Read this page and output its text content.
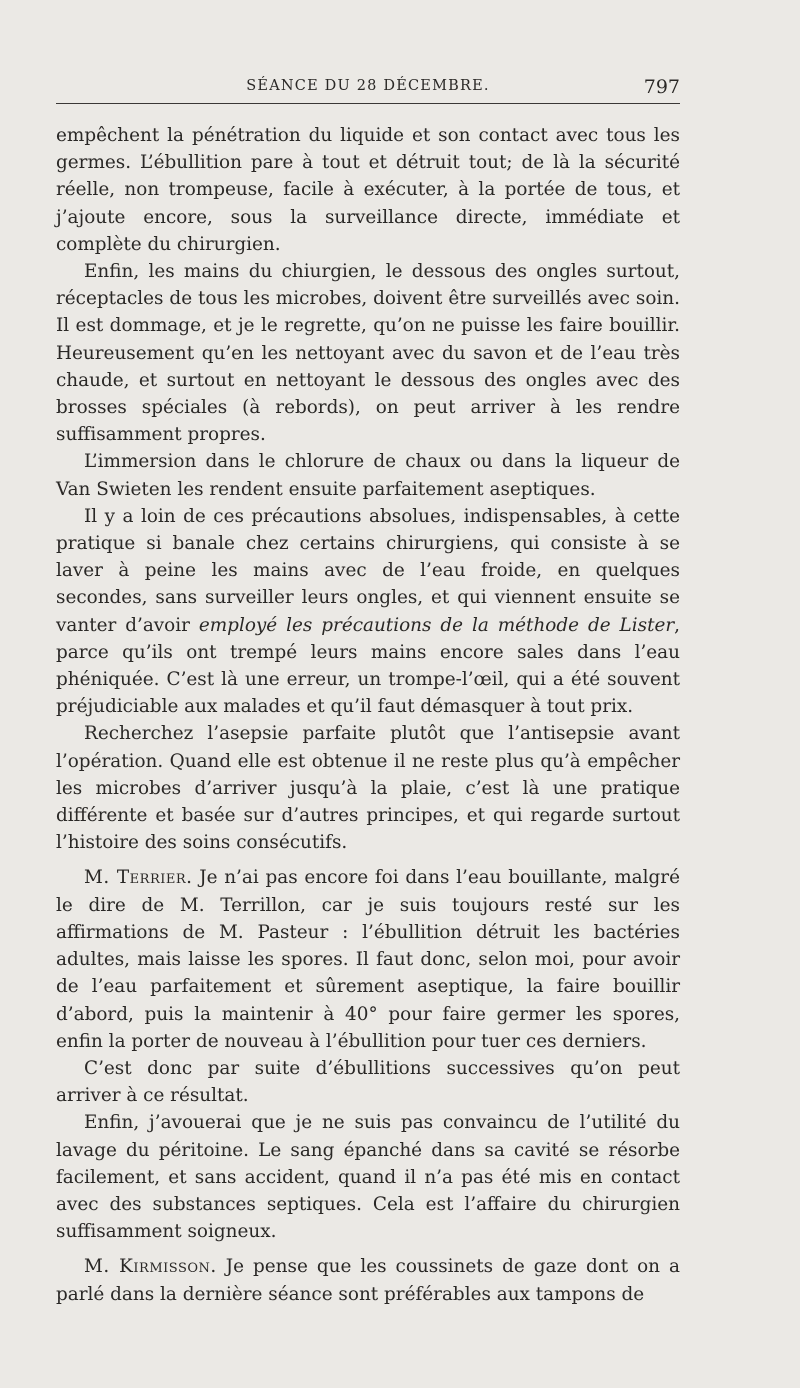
SÉANCE DU 28 DÉCEMBRE.	797

empêchent la pénétration du liquide et son contact avec tous les germes. L’ébullition pare à tout et détruit tout; de là la sécurité réelle, non trompeuse, facile à exécuter, à la portée de tous, et j’ajoute encore, sous la surveillance directe, immédiate et complète du chirurgien.

Enfin, les mains du chiurgien, le dessous des ongles surtout, réceptacles de tous les microbes, doivent être surveillés avec soin. Il est dommage, et je le regrette, qu’on ne puisse les faire bouillir. Heureusement qu’en les nettoyant avec du savon et de l’eau très chaude, et surtout en nettoyant le dessous des ongles avec des brosses spéciales (à rebords), on peut arriver à les rendre suffisamment propres.

L’immersion dans le chlorure de chaux ou dans la liqueur de Van Swieten les rendent ensuite parfaitement aseptiques.

Il y a loin de ces précautions absolues, indispensables, à cette pratique si banale chez certains chirurgiens, qui consiste à se laver à peine les mains avec de l’eau froide, en quelques secondes, sans surveiller leurs ongles, et qui viennent ensuite se vanter d’avoir employé les précautions de la méthode de Lister, parce qu’ils ont trempé leurs mains encore sales dans l’eau phéniquée. C’est là une erreur, un trompe-l’œil, qui a été souvent préjudiciable aux malades et qu’il faut démasquer à tout prix.

Recherchez l’asepsie parfaite plutôt que l’antisepsie avant l’opération. Quand elle est obtenue il ne reste plus qu’à empêcher les microbes d’arriver jusqu’à la plaie, c’est là une pratique différente et basée sur d’autres principes, et qui regarde surtout l’histoire des soins consécutifs.

M. Terrier. Je n’ai pas encore foi dans l’eau bouillante, malgré le dire de M. Terrillon, car je suis toujours resté sur les affirmations de M. Pasteur : l’ébullition détruit les bactéries adultes, mais laisse les spores. Il faut donc, selon moi, pour avoir de l’eau parfaitement et sûrement aseptique, la faire bouillir d’abord, puis la maintenir à 40° pour faire germer les spores, enfin la porter de nouveau à l’ébullition pour tuer ces derniers.

C’est donc par suite d’ébullitions successives qu’on peut arriver à ce résultat.

Enfin, j’avouerai que je ne suis pas convaincu de l’utilité du lavage du péritoine. Le sang épanché dans sa cavité se résorbe facilement, et sans accident, quand il n’a pas été mis en contact avec des substances septiques. Cela est l’affaire du chirurgien suffisamment soigneux.

M. Kirmisson. Je pense que les coussinets de gaze dont on a parlé dans la dernière séance sont préférables aux tampons de
